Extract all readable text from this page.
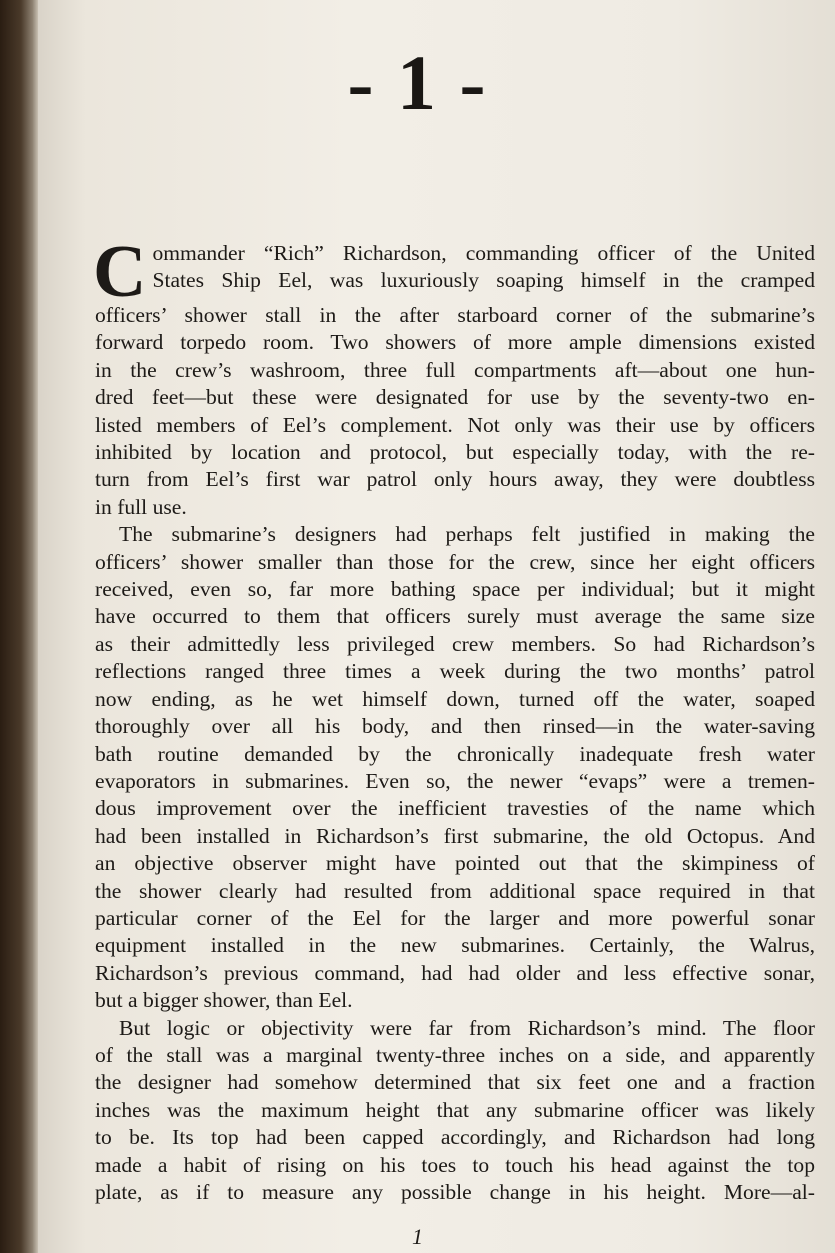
- 1 -
C ommander “Rich” Richardson, commanding officer of the United
States Ship Eel, was luxuriously soaping himself in the cramped
officers’ shower stall in the after starboard corner of the submarine’s
forward torpedo room. Two showers of more ample dimensions existed
in the crew’s washroom, three full compartments aft—about one hun-
dred feet—but these were designated for use by the seventy-two en-
listed members of Eel’s complement. Not only was their use by officers
inhibited by location and protocol, but especially today, with the re-
turn from Eel’s first war patrol only hours away, they were doubtless
in full use.

The submarine’s designers had perhaps felt justified in making the
officers’ shower smaller than those for the crew, since her eight officers
received, even so, far more bathing space per individual; but it might
have occurred to them that officers surely must average the same size
as their admittedly less privileged crew members. So had Richardson’s
reflections ranged three times a week during the two months’ patrol
now ending, as he wet himself down, turned off the water, soaped
thoroughly over all his body, and then rinsed—in the water-saving
bath routine demanded by the chronically inadequate fresh water
evaporators in submarines. Even so, the newer “evaps” were a tremen-
dous improvement over the inefficient travesties of the name which
had been installed in Richardson’s first submarine, the old Octopus. And
an objective observer might have pointed out that the skimpiness of
the shower clearly had resulted from additional space required in that
particular corner of the Eel for the larger and more powerful sonar
equipment installed in the new submarines. Certainly, the Walrus,
Richardson’s previous command, had had older and less effective sonar,
but a bigger shower, than Eel.

But logic or objectivity were far from Richardson’s mind. The floor
of the stall was a marginal twenty-three inches on a side, and apparently
the designer had somehow determined that six feet one and a fraction
inches was the maximum height that any submarine officer was likely
to be. Its top had been capped accordingly, and Richardson had long
made a habit of rising on his toes to touch his head against the top
plate, as if to measure any possible change in his height. More—al-

1
